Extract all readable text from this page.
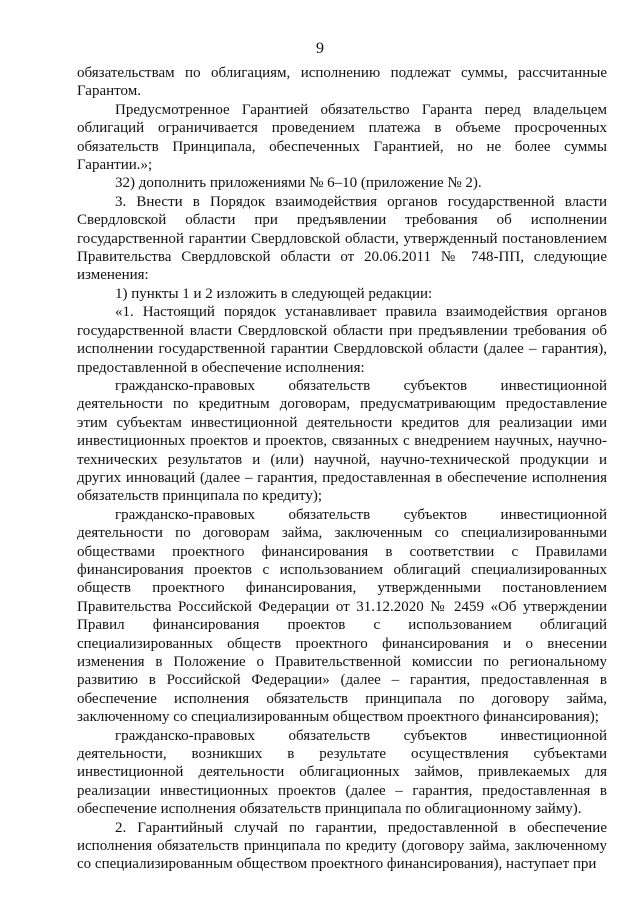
9

обязательствам по облигациям, исполнению подлежат суммы, рассчитанные Гарантом.

Предусмотренное Гарантией обязательство Гаранта перед владельцем облигаций ограничивается проведением платежа в объеме просроченных обязательств Принципала, обеспеченных Гарантией, но не более суммы Гарантии.»;

32) дополнить приложениями № 6–10 (приложение № 2).

3. Внести в Порядок взаимодействия органов государственной власти Свердловской области при предъявлении требования об исполнении государственной гарантии Свердловской области, утвержденный постановлением Правительства Свердловской области от 20.06.2011 № 748-ПП, следующие изменения:

1) пункты 1 и 2 изложить в следующей редакции:

«1. Настоящий порядок устанавливает правила взаимодействия органов государственной власти Свердловской области при предъявлении требования об исполнении государственной гарантии Свердловской области (далее – гарантия), предоставленной в обеспечение исполнения:

гражданско-правовых обязательств субъектов инвестиционной деятельности по кредитным договорам, предусматривающим предоставление этим субъектам инвестиционной деятельности кредитов для реализации ими инвестиционных проектов и проектов, связанных с внедрением научных, научно-технических результатов и (или) научной, научно-технической продукции и других инноваций (далее – гарантия, предоставленная в обеспечение исполнения обязательств принципала по кредиту);

гражданско-правовых обязательств субъектов инвестиционной деятельности по договорам займа, заключенным со специализированными обществами проектного финансирования в соответствии с Правилами финансирования проектов с использованием облигаций специализированных обществ проектного финансирования, утвержденными постановлением Правительства Российской Федерации от 31.12.2020 № 2459 «Об утверждении Правил финансирования проектов с использованием облигаций специализированных обществ проектного финансирования и о внесении изменения в Положение о Правительственной комиссии по региональному развитию в Российской Федерации» (далее – гарантия, предоставленная в обеспечение исполнения обязательств принципала по договору займа, заключенному со специализированным обществом проектного финансирования);

гражданско-правовых обязательств субъектов инвестиционной деятельности, возникших в результате осуществления субъектами инвестиционной деятельности облигационных займов, привлекаемых для реализации инвестиционных проектов (далее – гарантия, предоставленная в обеспечение исполнения обязательств принципала по облигационному займу).

2. Гарантийный случай по гарантии, предоставленной в обеспечение исполнения обязательств принципала по кредиту (договору займа, заключенному со специализированным обществом проектного финансирования), наступает при
